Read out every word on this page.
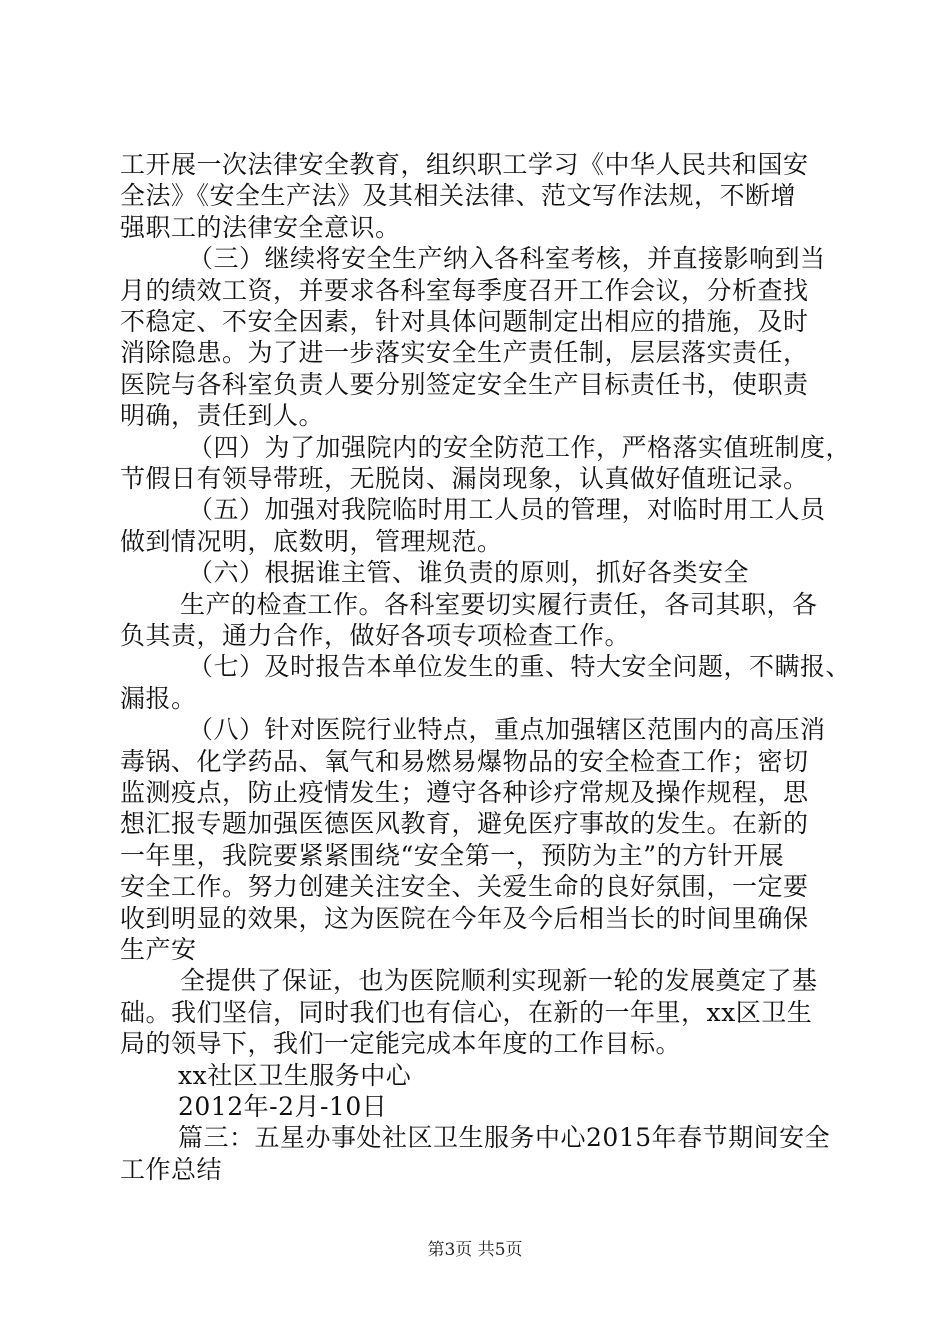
工开展一次法律安全教育，组织职工学习《中华人民共和国安
全法》《安全生产法》及其相关法律、范文写作法规，不断增
强职工的法律安全意识。
（三）继续将安全生产纳入各科室考核，并直接影响到当
月的绩效工资，并要求各科室每季度召开工作会议，分析查找
不稳定、不安全因素，针对具体问题制定出相应的措施，及时
消除隐患。为了进一步落实安全生产责任制，层层落实责任，
医院与各科室负责人要分别签定安全生产目标责任书，使职责
明确，责任到人。
（四）为了加强院内的安全防范工作，严格落实值班制度，
节假日有领导带班，无脱岗、漏岗现象，认真做好值班记录。
（五）加强对我院临时用工人员的管理，对临时用工人员
做到情况明，底数明，管理规范。
（六）根据谁主管、谁负责的原则，抓好各类安全
生产的检查工作。各科室要切实履行责任，各司其职，各
负其责，通力合作，做好各项专项检查工作。
（七）及时报告本单位发生的重、特大安全问题，不瞒报、
漏报。
（八）针对医院行业特点，重点加强辖区范围内的高压消
毒锅、化学药品、氧气和易燃易爆物品的安全检查工作；密切
监测疫点，防止疫情发生；遵守各种诊疗常规及操作规程，思
想汇报专题加强医德医风教育，避免医疗事故的发生。在新的
一年里，我院要紧紧围绕“安全第一，预防为主”的方针开展
安全工作。努力创建关注安全、关爱生命的良好氛围，一定要
收到明显的效果，这为医院在今年及今后相当长的时间里确保
生产安
全提供了保证，也为医院顺利实现新一轮的发展奠定了基
础。我们坚信，同时我们也有信心，在新的一年里，xx区卫生
局的领导下，我们一定能完成本年度的工作目标。
xx社区卫生服务中心
2012年-2月-10日
篇三：五星办事处社区卫生服务中心2015年春节期间安全
工作总结
第3页 共5页
